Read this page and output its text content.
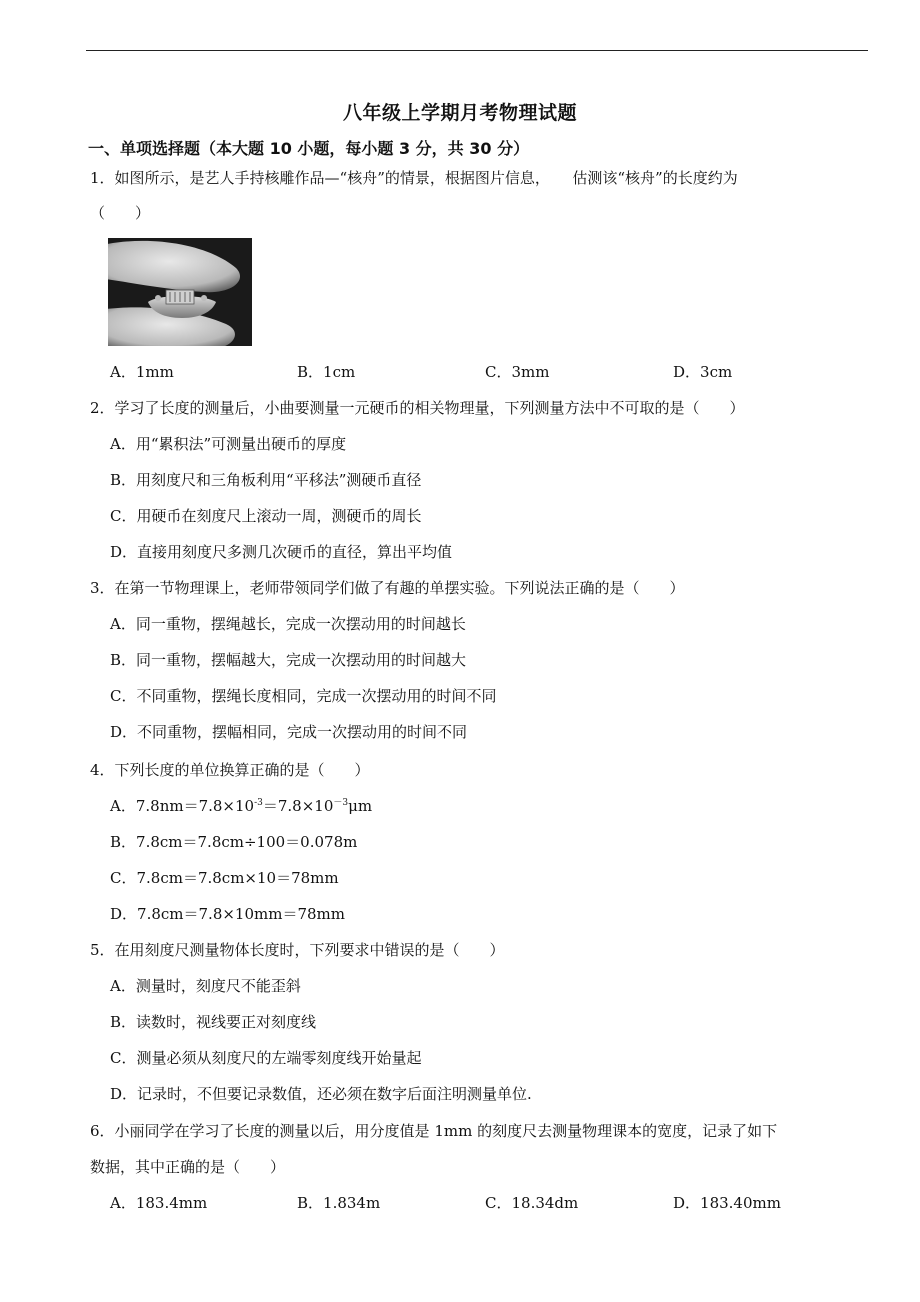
八年级上学期月考物理试题
一、单项选择题（本大题 10 小题，每小题 3 分，共 30 分）
1．如图所示，是艺人手持核雕作品—“核舟”的情景，根据图片信息，　　估测该“核舟”的长度约为
（　　）
A．1mm	B．1cm	C．3mm	D．3cm
2．学习了长度的测量后，小曲要测量一元硬币的相关物理量，下列测量方法中不可取的是（　　）
A．用“累积法”可测量出硬币的厚度
B．用刻度尺和三角板利用“平移法”测硬币直径
C．用硬币在刻度尺上滚动一周，测硬币的周长
D．直接用刻度尺多测几次硬币的直径，算出平均值
3．在第一节物理课上，老师带领同学们做了有趣的单摆实验。下列说法正确的是（　　）
A．同一重物，摆绳越长，完成一次摆动用的时间越长
B．同一重物，摆幅越大，完成一次摆动用的时间越大
C．不同重物，摆绳长度相同，完成一次摆动用的时间不同
D．不同重物，摆幅相同，完成一次摆动用的时间不同
4．下列长度的单位换算正确的是（　　）
A．$7.8nm=7.8\times 10^{-3}=7.8\times 10^{-3}\mu m$
B．7.8cm＝7.8cm÷100＝0.078m
C．7.8cm＝7.8cm×10＝78mm
D．7.8cm＝7.8×10mm＝78mm
5．在用刻度尺测量物体长度时，下列要求中错误的是（　　）
A．测量时，刻度尺不能歪斜
B．读数时，视线要正对刻度线
C．测量必须从刻度尺的左端零刻度线开始量起
D．记录时，不但要记录数值，还必须在数字后面注明测量单位.
6．小丽同学在学习了长度的测量以后，用分度值是 1mm 的刻度尺去测量物理课本的宽度，记录了如下
数据，其中正确的是（　　）
A．183.4mm	B．1.834m	C．18.34dm	D．183.40mm
